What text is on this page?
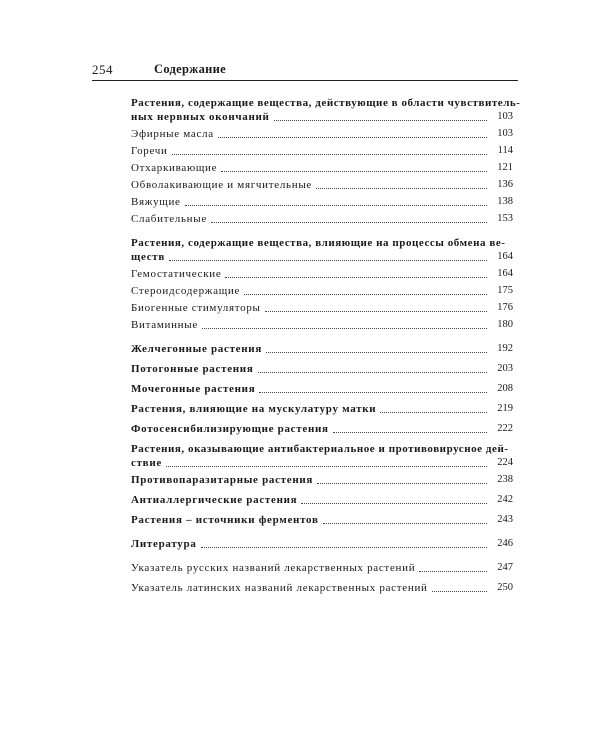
254	Содержание
Растения, содержащие вещества, действующие в области чувствитель-
ных нервных окончаний	103
Эфирные масла	103
Горечи	114
Отхаркивающие	121
Обволакивающие и мягчительные	136
Вяжущие	138
Слабительные	153
Растения, содержащие вещества, влияющие на процессы обмена ве-
ществ	164
Гемостатические	164
Стероидсодержащие	175
Биогенные стимуляторы	176
Витаминные	180
Желчегонные растения	192
Потогонные растения	203
Мочегонные растения	208
Растения, влияющие на мускулатуру матки	219
Фотосенсибилизирующие растения	222
Растения, оказывающие антибактериальное и противовирусное дей-
ствие	224
Противопаразитарные растения	238
Антиаллергические растения	242
Растения – источники ферментов	243
Литература	246
Указатель русских названий лекарственных растений	247
Указатель латинских названий лекарственных растений	250
